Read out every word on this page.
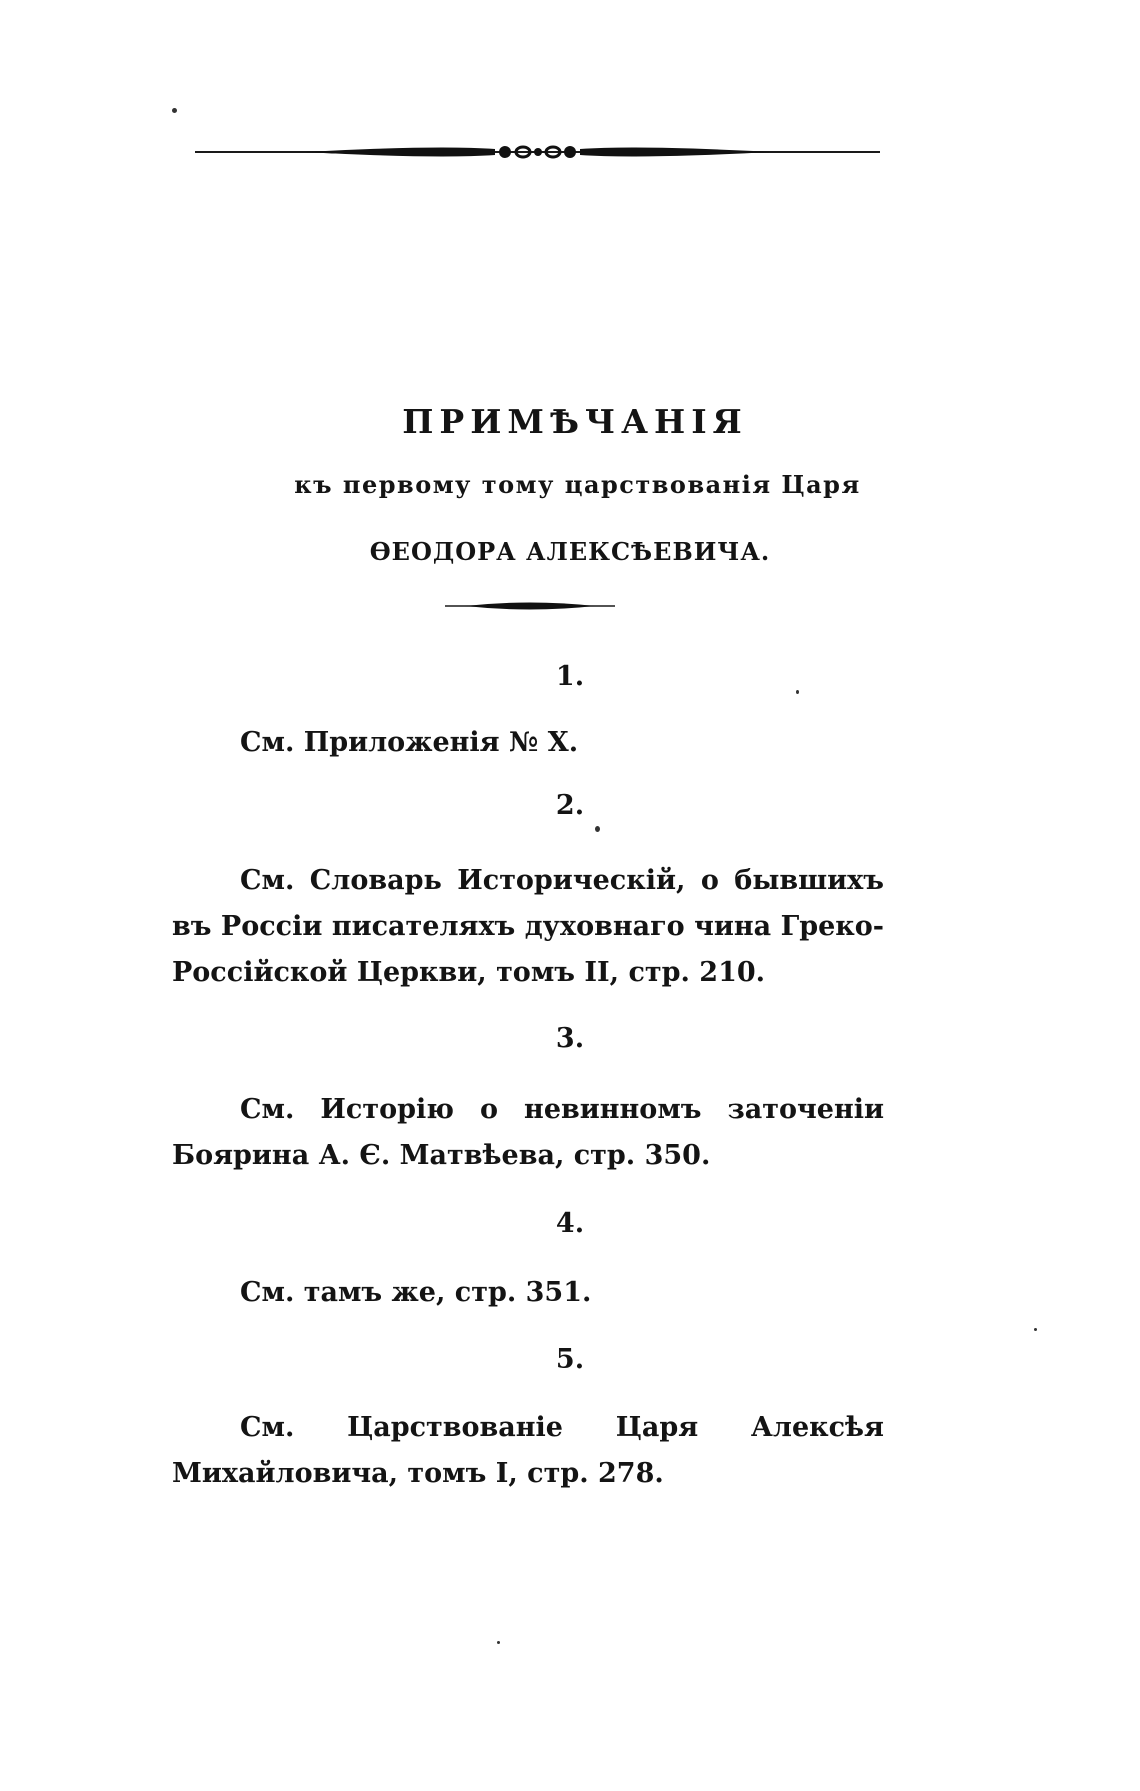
ПРИМѢЧАНІЯ
къ первому тому царствованія Царя
ѲЕОДОРА АЛЕКСѢЕВИЧА.
1.

См. Приложенія № X.

2.

См. Словарь Историческій, о бывшихъ въ Россіи писателяхъ духовнаго чина Греко-Россійской Церкви, томъ II, стр. 210.

3.

См. Исторію о невинномъ заточеніи Боярина А. Є. Матвѣева, стр. 350.

4.

См. тамъ же, стр. 351.

5.

См. Царствованіе Царя Алексѣя Михайловича, томъ I, стр. 278.
